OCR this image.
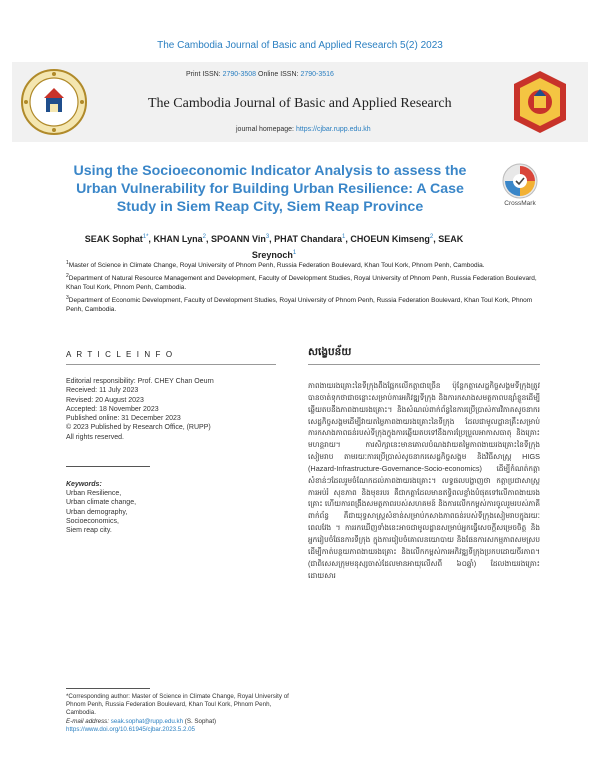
The Cambodia Journal of Basic and Applied Research 5(2) 2023
Print ISSN: 2790-3508 Online ISSN: 2790-3516
The Cambodia Journal of Basic and Applied Research
journal homepage: https://cjbar.rupp.edu.kh
Using the Socioeconomic Indicator Analysis to assess the Urban Vulnerability for Building Urban Resilience: A Case Study in Siem Reap City, Siem Reap Province	CrossMark
SEAK Sophat$^{1*}$, KHAN Lyna$^2$, SPOANN Vin$^3$, PHAT Chandara$^1$, CHOEUN Kimseng$^2$, SEAK Sreynoch$^1$

$^1$Master of Science in Climate Change, Royal University of Phnom Penh, Russia Federation Boulevard, Khan Toul Kork, Phnom Penh, Cambodia.

$^2$Department of Natural Resource Management and Development, Faculty of Development Studies, Royal University of Phnom Penh, Russia Federation Boulevard, Khan Toul Kork, Phnom Penh, Cambodia.

$^3$Department of Economic Development, Faculty of Development Studies, Royal University of Phnom Penh, Russia Federation Boulevard, Khan Toul Kork, Phnom Penh, Cambodia.

A R T I C L E I N F O
Editorial responsibility: Prof. CHEY Chan Oeurn
Received: 11 July 2023
Revised: 20 August 2023
Accepted: 18 November 2023
Published online: 31 December 2023
© 2023 Published by Research Office, (RUPP)
All rights reserved.
Keywords:
Urban Resilience,
Urban climate change,
Urban demography,
Socioeconomics,
Siem reap city.
*Corresponding author: Master of Science in Climate Change, Royal University of Phnom Penh, Russia Federation Boulevard, Khan Toul Kork, Phnom Penh, Cambodia.
E-mail address: seak.sophat@rupp.edu.kh (S. Sophat)
https://www.doi.org/10.61945/cjbar.2023.5.2.05
សង្ខេបន័យ
ភាពងាយរងគ្រោះនៃទីក្រុងពឹងផ្អែកលើកត្តាជាច្រើន ប៉ុន្តែកត្តាសេដ្ឋកិច្ចសង្គមទីក្រុងត្រូវបានចាត់ទុកថាជាចន្លោះសម្រាប់ការអភិវឌ្ឍទីក្រុង និងការកសាងសមត្ថភាពបន្សាំខ្លួនដើម្បីឆ្លើយតបនឹងភាពងាយរងគ្រោះ។ និងសំណល់ពាក់ព័ន្ធនៃការប្រើប្រាស់ការវិភាគសូចនាករសេដ្ឋកិច្ចសង្គមដើម្បីវាយតម្លៃភាពងាយរងគ្រោះនៃទីក្រុង ដែលជាមូលដ្ឋានគ្រឹះសម្រាប់ការកសាងភាពធន់របស់ទីក្រុងក្នុងការឆ្លើយតបទៅនឹងការប្រែប្រួលអាកាសធាតុ និងគ្រោះមហន្តរាយ។ ការសិក្សានេះមានគោលបំណងវាយតម្លៃភាពងាយរងគ្រោះនៃទីក្រុងសៀមរាប តាមរយៈការប្រើប្រាស់សូចនាករសេដ្ឋកិច្ចសង្គម និងវិធីសាស្ត្រ HIGS (Hazard-Infrastructure-Governance-Socio-economics) ដើម្បីកំណត់កត្តាសំខាន់ៗដែលរួមចំណែកដល់ភាពងាយរងគ្រោះ។ លទ្ធផលបង្ហាញថា កត្តាប្រជាសាស្ត្រ ការអប់រំ សុខភាព និងមុខរបរ គឺជាកត្តាដែលមានឥទ្ធិពលខ្លាំងបំផុតទៅលើភាពងាយរងគ្រោះ ហើយការពង្រឹងសមត្ថភាពរបស់សហគមន៍ និងការលើកកម្ពស់ការចូលរួមរបស់ភាគីពាក់ព័ន្ធ គឺជាយុទ្ធសាស្ត្រសំខាន់សម្រាប់កសាងភាពធន់របស់ទីក្រុងសៀមរាបក្នុងរយៈពេលវែង ។ ការរកឃើញទាំងនេះអាចជាមូលដ្ឋានសម្រាប់អ្នកធ្វើសេចក្តីសម្រេចចិត្ត និងអ្នករៀបចំផែនការទីក្រុង ក្នុងការរៀបចំគោលនយោបាយ និងផែនការសកម្មភាពសមស្រប ដើម្បីកាត់បន្ថយភាពងាយរងគ្រោះ និងលើកកម្ពស់ការអភិវឌ្ឍទីក្រុងប្រកបដោយចីរភាព។ (ជាពិសេសក្រុមមនុស្សចាស់ដែលមានអាយុលើសពី ៦០ឆ្នាំ) ដែលងាយរងគ្រោះដោយសារ
